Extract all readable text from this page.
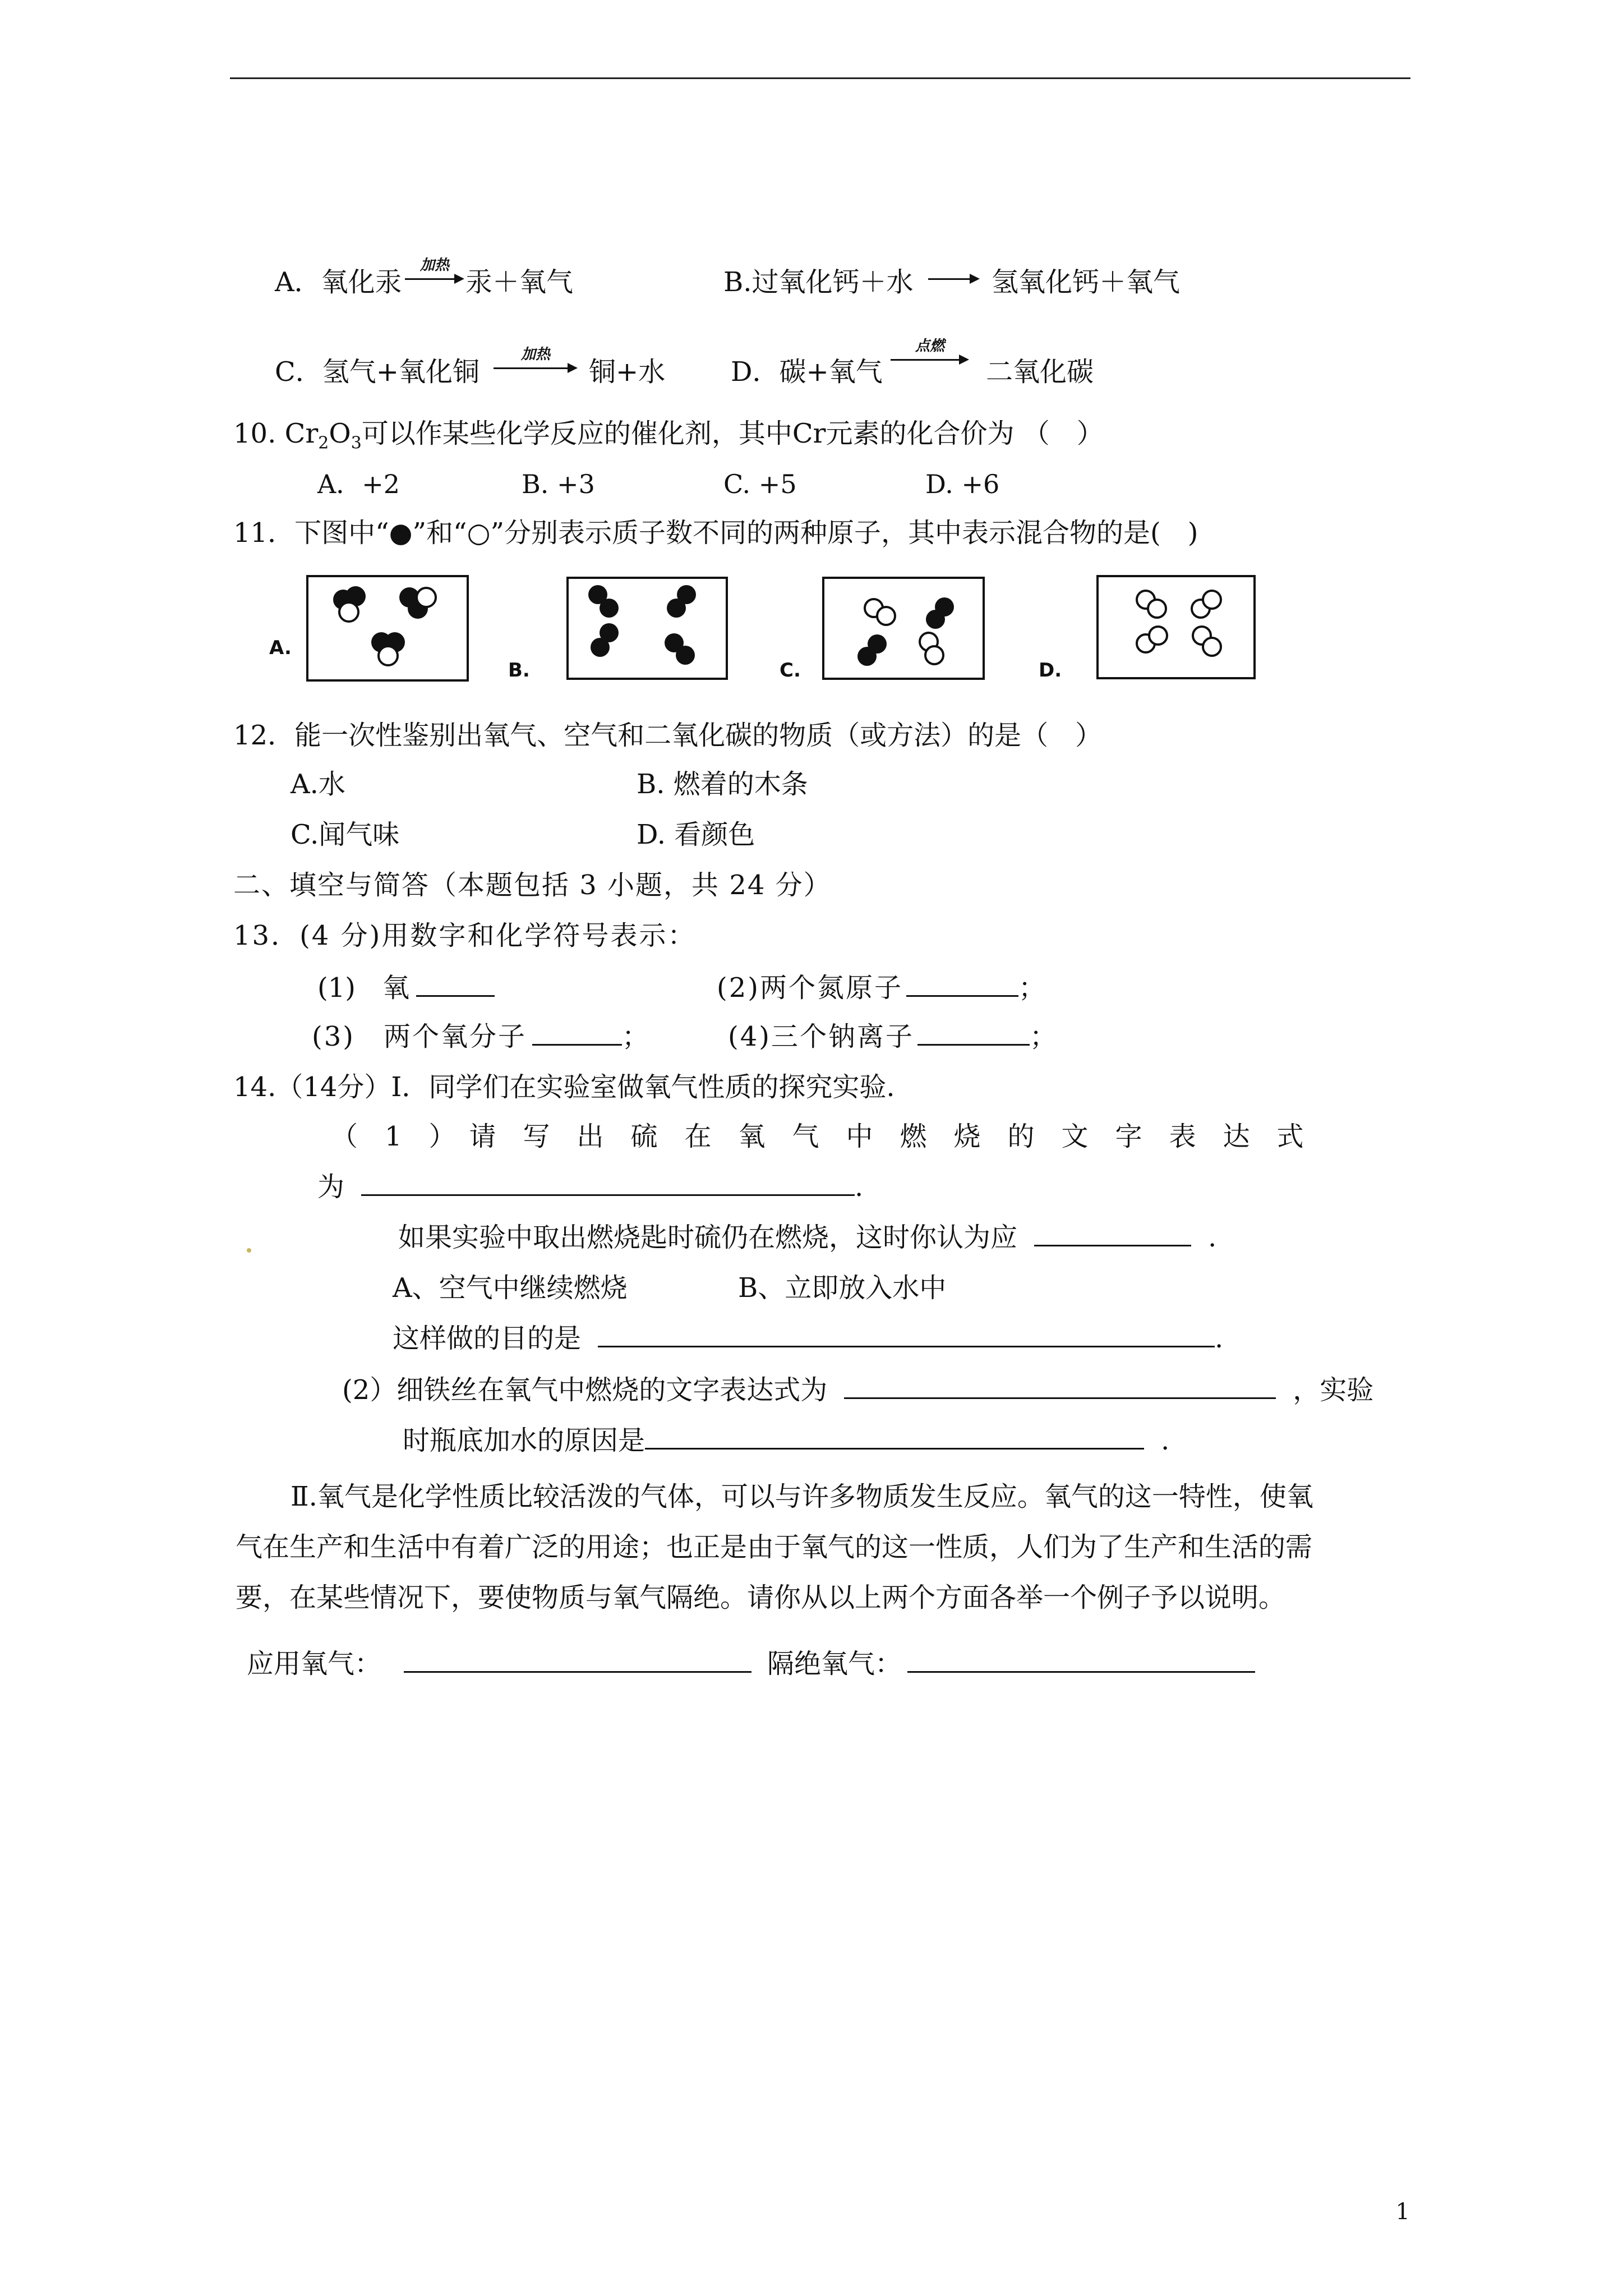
A．氧化汞
加热
汞＋氧气	B.过氧化钙＋水	氢氧化钙＋氧气
C．氢气+氧化铜
加热
铜+水 D．碳+氧气
点燃
二氧化碳
10. $Cr_2O_3$可以作某些化学反应的催化剂，其中Cr元素的化合价为 （　）
A．+2	B. +3	C. +5	D. +6
11．下图中“●”和“○”分别表示质子数不同的两种原子，其中表示混合物的是(　)
A.
B.	C.	D.
12．能一次性鉴别出氧气、空气和二氧化碳的物质（或方法）的是（　）
A.水	B. 燃着的木条
C.闻气味	D. 看颜色
二、填空与简答（本题包括 3 小题，共 24 分）
13．(4 分)用数字和化学符号表示：
(1)　氧	(2)两个氮原子	；
(3)　两个氧分子	；	(4)三个钠离子	；
14.（14分）Ⅰ．同学们在实验室做氧气性质的探究实验.
（　1　）　请　写　出　硫　在　氧　气　中　燃　烧　的　文　字　表　达　式
为	.
如果实验中取出燃烧匙时硫仍在燃烧，这时你认为应	.
A、空气中继续燃烧	B、立即放入水中
这样做的目的是	.
(2）细铁丝在氧气中燃烧的文字表达式为	，实验
时瓶底加水的原因是	.
Ⅱ.氧气是化学性质比较活泼的气体，可以与许多物质发生反应。氧气的这一特性，使氧
气在生产和生活中有着广泛的用途；也正是由于氧气的这一性质，人们为了生产和生活的需
要，在某些情况下，要使物质与氧气隔绝。请你从以上两个方面各举一个例子予以说明。
应用氧气：	隔绝氧气：
1
